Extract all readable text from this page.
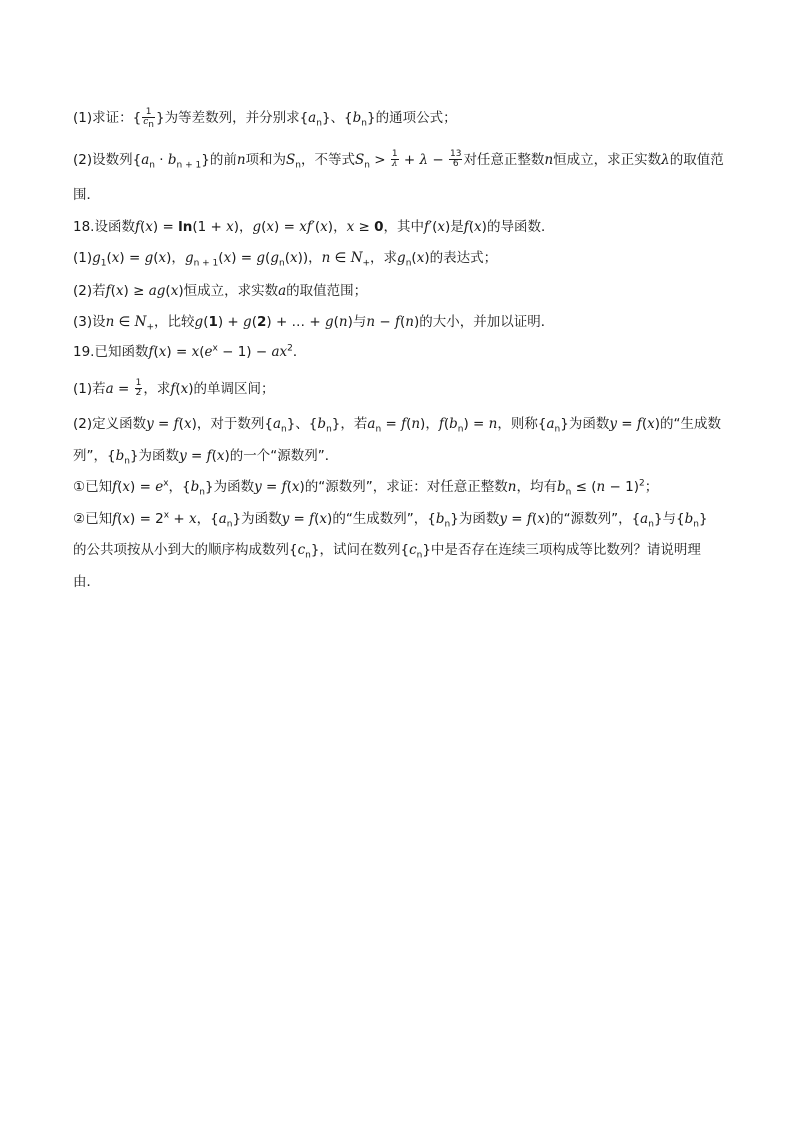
(1)求证：{ $\frac{1}{c_n}$ }为等差数列，并分别求$\{a_n\}$、$\{b_n\}$的通项公式；
(2)设数列$\{a_n \cdot b_{n + 1}\}$的前n项和为$S_n$，不等式$S_n > \frac{1}{\lambda} + \lambda - \frac{13}{6}$ 对任意正整数n恒成立，求正实数λ的取值范
围．
18.设函数f(x) = ln(1 + x)，g(x) = xf′(x)，x ≥ 0，其中f′(x)是f(x)的导函数．
$(1)g_1(x) = g(x)$，$g_{n + 1}(x) = g(g_n(x))$，n ∈ $N_+$，求$g_n(x)$的表达式；
(2)若f(x) ≥ ag(x)恒成立，求实数a的取值范围；
(3)设n ∈ $N_+$，比较g(1) + g(2) + … + g(n)与n − f(n)的大小，并加以证明．
19.已知函数$f(x) = x(e^x - 1) - ax^2$．
(1)若$a = \frac{1}{2}$ ，求f(x)的单调区间；
(2)定义函数y = f(x)，对于数列$\{a_n\}$、$\{b_n\}$，若$a_n = f(n)$，$f(b_n) = n$，则称$\{a_n\}$为函数y = f(x)的“生成数
列”，$\{b_n\}$为函数y = f(x)的一个“源数列”．
①已知$f(x) = e^x$，$\{b_n\}$为函数y = f(x)的“源数列”，求证：对任意正整数n，均有$b_n \le (n - 1)^2$；
②已知$f(x) = 2^x + x$，$\{a_n\}$为函数y = f(x)的“生成数列”，$\{b_n\}$为函数y = f(x)的“源数列”，$\{a_n\}$与$\{b_n\}$
的公共项按从小到大的顺序构成数列$\{c_n\}$，试问在数列$\{c_n\}$中是否存在连续三项构成等比数列？请说明理
由．
